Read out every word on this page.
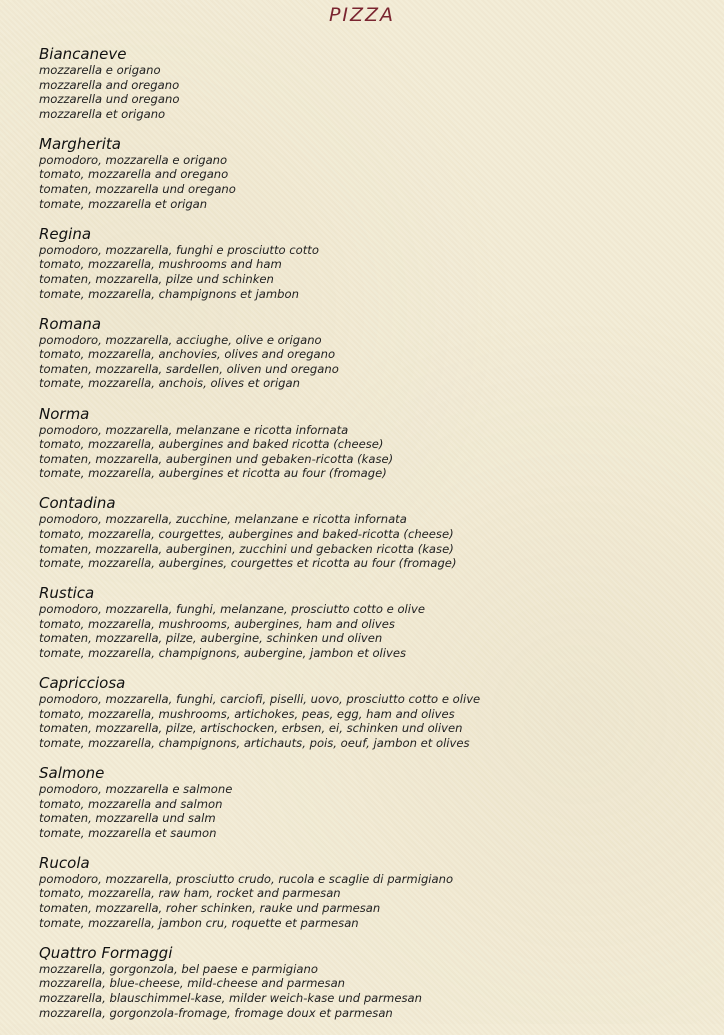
PIZZA
Biancaneve
mozzarella e origano
mozzarella and oregano
mozzarella und oregano
mozzarella et origano
Margherita
pomodoro, mozzarella e origano
tomato, mozzarella and oregano
tomaten, mozzarella und oregano
tomate, mozzarella et origan
Regina
pomodoro, mozzarella, funghi e prosciutto cotto
tomato, mozzarella, mushrooms and ham
tomaten, mozzarella, pilze und schinken
tomate, mozzarella, champignons et jambon
Romana
pomodoro, mozzarella, acciughe, olive e origano
tomato, mozzarella, anchovies, olives and oregano
tomaten, mozzarella, sardellen, oliven und oregano
tomate, mozzarella, anchois, olives et origan
Norma
pomodoro, mozzarella, melanzane e ricotta infornata
tomato, mozzarella, aubergines and baked ricotta (cheese)
tomaten, mozzarella, auberginen und gebaken-ricotta (kase)
tomate, mozzarella, aubergines et ricotta au four (fromage)
Contadina
pomodoro, mozzarella, zucchine, melanzane e ricotta infornata
tomato, mozzarella, courgettes, aubergines and baked-ricotta (cheese)
tomaten, mozzarella, auberginen, zucchini und gebacken ricotta (kase)
tomate, mozzarella, aubergines, courgettes et ricotta au four (fromage)
Rustica
pomodoro, mozzarella, funghi, melanzane, prosciutto cotto e olive
tomato, mozzarella, mushrooms, aubergines, ham and olives
tomaten, mozzarella, pilze, aubergine, schinken und oliven
tomate, mozzarella, champignons, aubergine, jambon et olives
Capricciosa
pomodoro, mozzarella, funghi, carciofi, piselli, uovo, prosciutto cotto e olive
tomato, mozzarella, mushrooms, artichokes, peas, egg, ham and olives
tomaten, mozzarella, pilze, artischocken, erbsen, ei, schinken und oliven
tomate, mozzarella, champignons, artichauts, pois, oeuf, jambon et olives
Salmone
pomodoro, mozzarella e salmone
tomato, mozzarella and salmon
tomaten, mozzarella und salm
tomate, mozzarella et saumon
Rucola
pomodoro, mozzarella, prosciutto crudo, rucola e scaglie di parmigiano
tomato, mozzarella, raw ham, rocket and parmesan
tomaten, mozzarella, roher schinken, rauke und parmesan
tomate, mozzarella, jambon cru, roquette et parmesan
Quattro Formaggi
mozzarella, gorgonzola, bel paese e parmigiano
mozzarella, blue-cheese, mild-cheese and parmesan
mozzarella, blauschimmel-kase, milder weich-kase und parmesan
mozzarella, gorgonzola-fromage, fromage doux et parmesan
